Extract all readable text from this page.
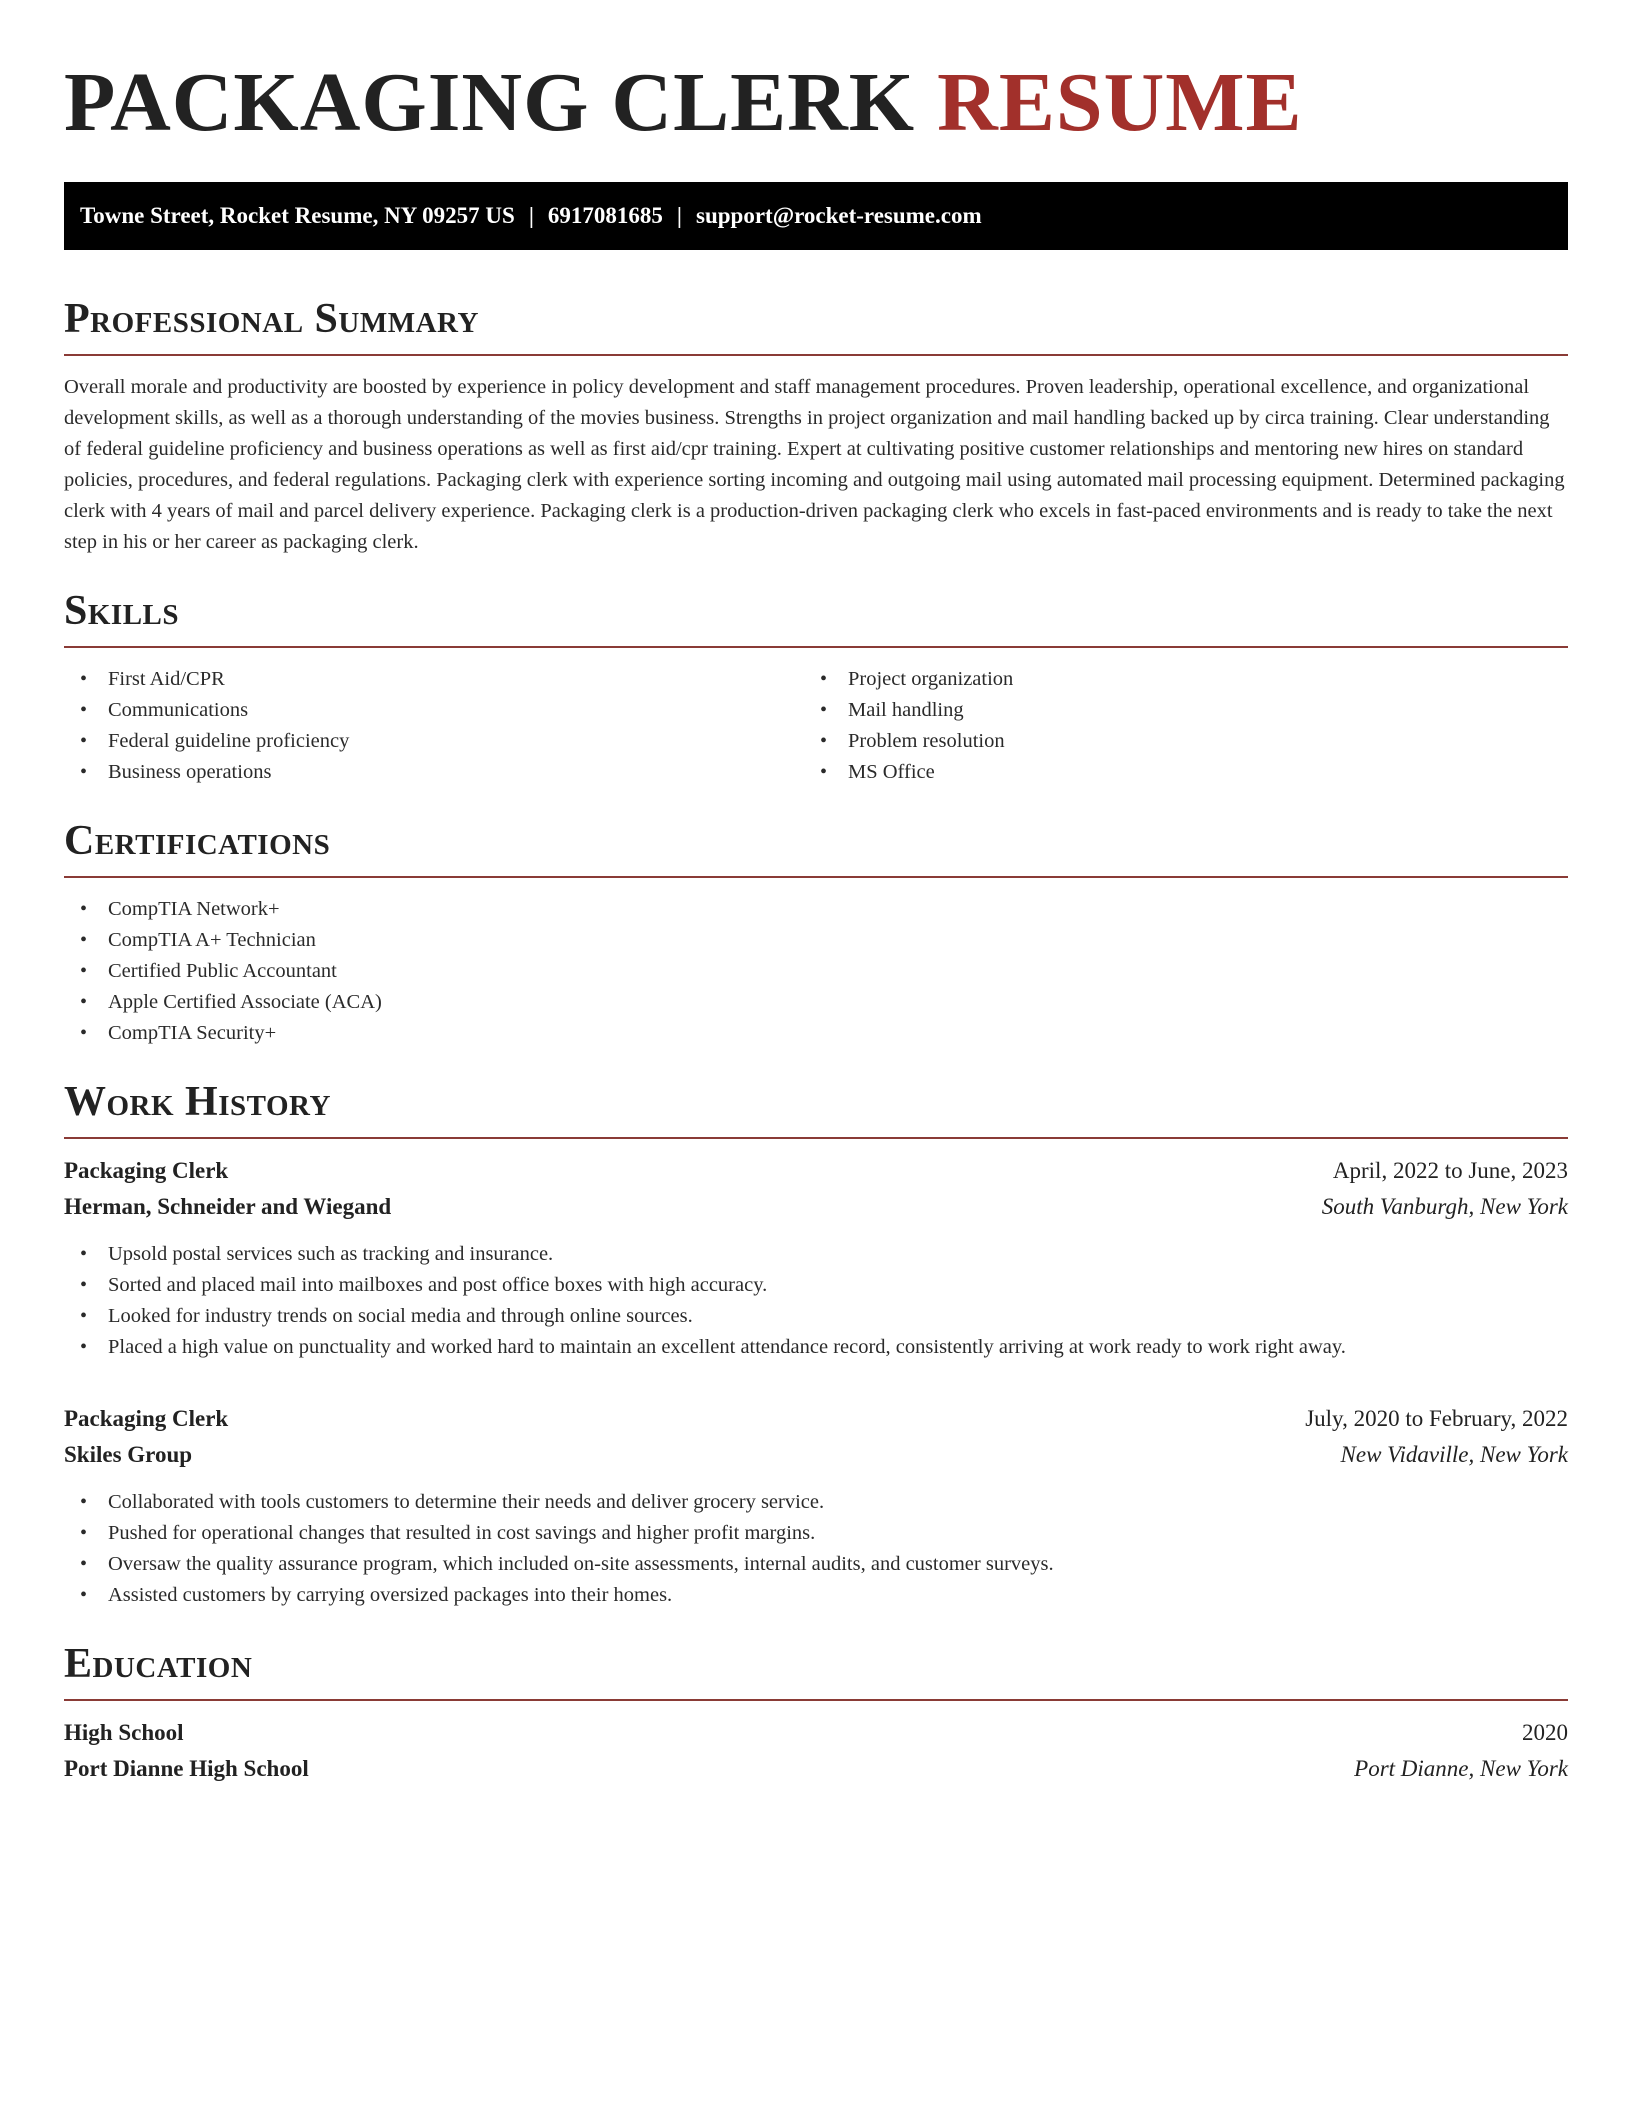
PACKAGING CLERK RESUME
Towne Street, Rocket Resume, NY 09257 US | 6917081685 | support@rocket-resume.com
Professional Summary

Overall morale and productivity are boosted by experience in policy development and staff management procedures. Proven leadership, operational excellence, and organizational development skills, as well as a thorough understanding of the movies business. Strengths in project organization and mail handling backed up by circa training. Clear understanding of federal guideline proficiency and business operations as well as first aid/cpr training. Expert at cultivating positive customer relationships and mentoring new hires on standard policies, procedures, and federal regulations. Packaging clerk with experience sorting incoming and outgoing mail using automated mail processing equipment. Determined packaging clerk with 4 years of mail and parcel delivery experience. Packaging clerk is a production-driven packaging clerk who excels in fast-paced environments and is ready to take the next step in his or her career as packaging clerk.

Skills
• First Aid/CPR
• Communications
• Federal guideline proficiency
• Business operations
• Project organization
• Mail handling
• Problem resolution
• MS Office
Certifications
• CompTIA Network+
• CompTIA A+ Technician
• Certified Public Accountant
• Apple Certified Associate (ACA)
• CompTIA Security+
Work History
Packaging Clerk	April, 2022 to June, 2023
Herman, Schneider and Wiegand	South Vanburgh, New York
• Upsold postal services such as tracking and insurance.
• Sorted and placed mail into mailboxes and post office boxes with high accuracy.
• Looked for industry trends on social media and through online sources.
• Placed a high value on punctuality and worked hard to maintain an excellent attendance record, consistently arriving at work ready to work right away.
Packaging Clerk	July, 2020 to February, 2022
Skiles Group	New Vidaville, New York
• Collaborated with tools customers to determine their needs and deliver grocery service.
• Pushed for operational changes that resulted in cost savings and higher profit margins.
• Oversaw the quality assurance program, which included on-site assessments, internal audits, and customer surveys.
• Assisted customers by carrying oversized packages into their homes.
Education
High School	2020
Port Dianne High School	Port Dianne, New York
